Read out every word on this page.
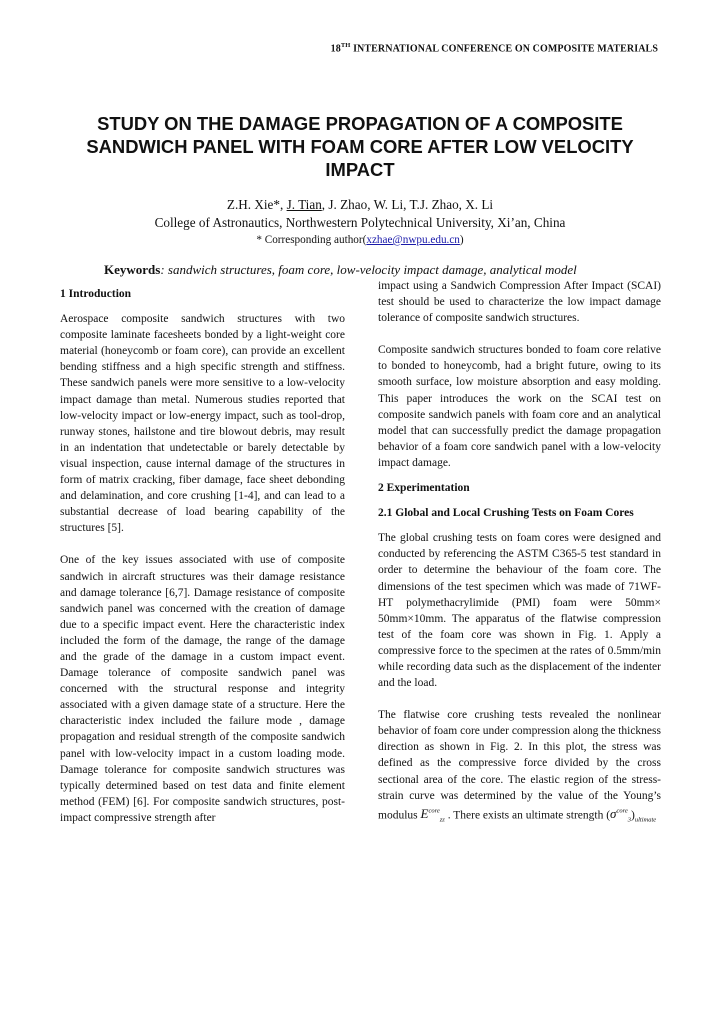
18TH INTERNATIONAL CONFERENCE ON COMPOSITE MATERIALS
STUDY ON THE DAMAGE PROPAGATION OF A COMPOSITE SANDWICH PANEL WITH FOAM CORE AFTER LOW VELOCITY IMPACT
Z.H. Xie*, J. Tian, J. Zhao, W. Li, T.J. Zhao, X. Li
College of Astronautics, Northwestern Polytechnical University, Xi’an, China
* Corresponding author(xzhae@nwpu.edu.cn)
Keywords: sandwich structures, foam core, low-velocity impact damage, analytical model

1 Introduction

Aerospace composite sandwich structures with two composite laminate facesheets bonded by a light-weight core material (honeycomb or foam core), can provide an excellent bending stiffness and a high specific strength and stiffness. These sandwich panels were more sensitive to a low-velocity impact damage than metal. Numerous studies reported that low-velocity impact or low-energy impact, such as tool-drop, runway stones, hailstone and tire blowout debris, may result in an indentation that undetectable or barely detectable by visual inspection, cause internal damage of the structures in form of matrix cracking, fiber damage, face sheet debonding and delamination, and core crushing [1-4], and can lead to a substantial decrease of load bearing capability of the structures [5].

One of the key issues associated with use of composite sandwich in aircraft structures was their damage resistance and damage tolerance [6,7]. Damage resistance of composite sandwich panel was concerned with the creation of damage due to a specific impact event. Here the characteristic index included the form of the damage, the range of the damage and the grade of the damage in a custom impact event. Damage tolerance of composite sandwich panel was concerned with the structural response and integrity associated with a given damage state of a structure. Here the characteristic index included the failure mode , damage propagation and residual strength of the composite sandwich panel with low-velocity impact in a custom loading mode. Damage tolerance for composite sandwich structures was typically determined based on test data and finite element method (FEM) [6]. For composite sandwich structures, post-impact compressive strength after

impact using a Sandwich Compression After Impact (SCAI) test should be used to characterize the low impact damage tolerance of composite sandwich structures.

Composite sandwich structures bonded to foam core relative to bonded to honeycomb, had a bright future, owing to its smooth surface, low moisture absorption and easy molding. This paper introduces the work on the SCAI test on composite sandwich panels with foam core and an analytical model that can successfully predict the damage propagation behavior of a foam core sandwich panel with a low-velocity impact damage.

2 Experimentation

2.1 Global and Local Crushing Tests on Foam Cores

The global crushing tests on foam cores were designed and conducted by referencing the ASTM C365-5 test standard in order to determine the behaviour of the foam core. The dimensions of the test specimen which was made of 71WF-HT polymethacrylimide (PMI) foam were 50mm× 50mm×10mm. The apparatus of the flatwise compression test of the foam core was shown in Fig. 1. Apply a compressive force to the specimen at the rates of 0.5mm/min while recording data such as the displacement of the indenter and the load.

The flatwise core crushing tests revealed the nonlinear behavior of foam core under compression along the thickness direction as shown in Fig. 2. In this plot, the stress was defined as the compressive force divided by the cross sectional area of the core. The elastic region of the stress-strain curve was determined by the value of the Young’s modulus $E^{core}_{zz}$ . There exists an ultimate strength $(\sigma^{core}_3)_{ultimate}$
